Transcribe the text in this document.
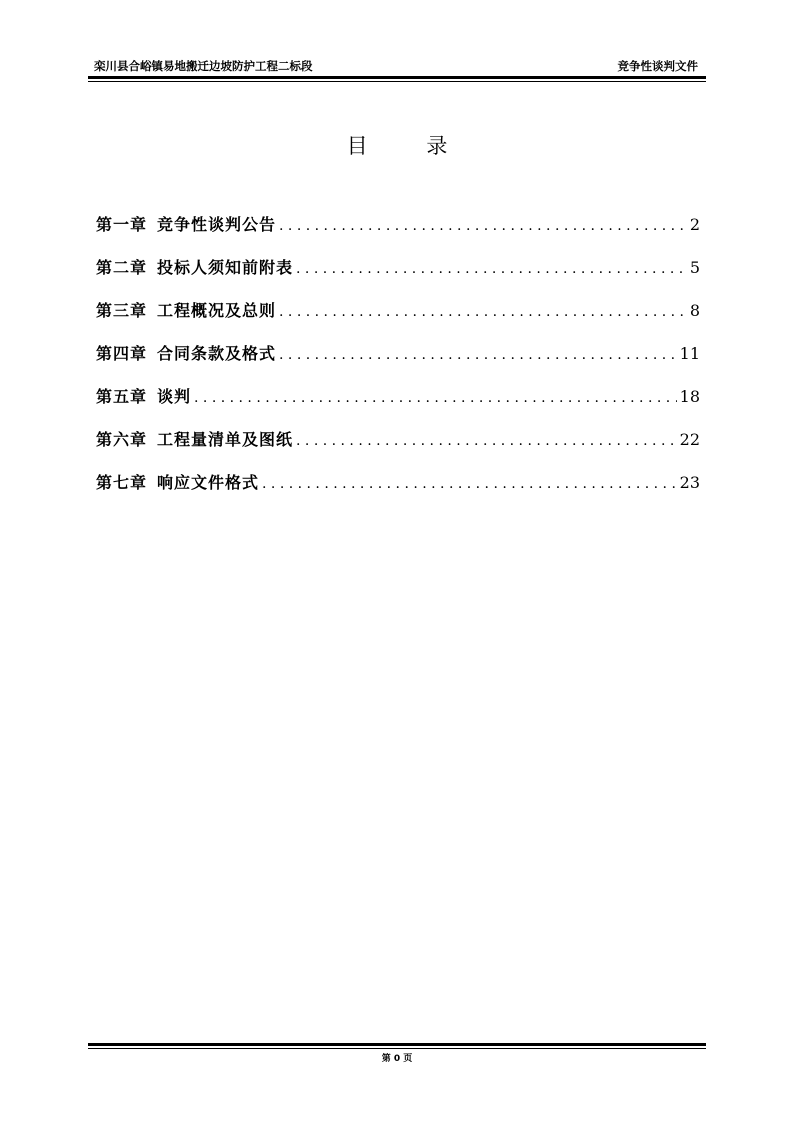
栾川县合峪镇易地搬迁边坡防护工程二标段	竞争性谈判文件
目 录
第一章 竞争性谈判公告 . . .	2
第二章 投标人须知前附表 . . .	5
第三章 工程概况及总则 . . .	8
第四章 合同条款及格式 . . .	11
第五章 谈判 . . .	18
第六章 工程量清单及图纸 . . .	22
第七章 响应文件格式 . . .	23
第 0 页
